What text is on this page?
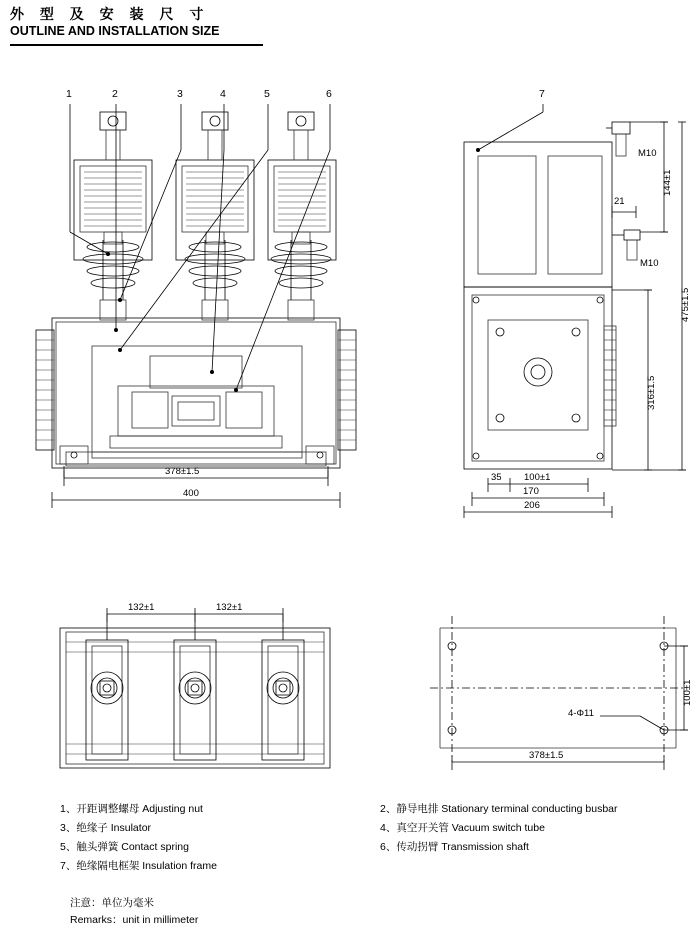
外 型 及 安 装 尺 寸
OUTLINE AND INSTALLATION SIZE
1	2	3	4	5	6	7
378±1.5
400
144±1
475±1.5
316±1.5
M10
M10
21
35 100±1
170
206
132±1	132±1
378±1.5
100±1
4-Φ11
1、开距调整螺母 Adjusting nut
3、绝缘子 Insulator
5、触头弹簧 Contact spring
7、绝缘隔电框架 Insulation frame
2、静导电排 Stationary terminal conducting busbar
4、真空开关管 Vacuum switch tube
6、传动拐臂 Transmission shaft
注意：单位为毫米
Remarks：unit in millimeter
